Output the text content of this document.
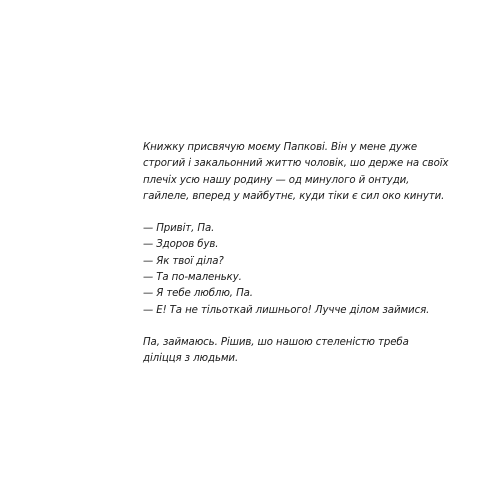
Книжку присвячую моєму Папкові. Він у мене дуже
строгий і закальонний життю чоловік, шо держе на своїх
плечіх усю нашу родину — од минулого й онтуди,
гайлеле, вперед у майбутнє, куди тіки є сил око кинути.
— Привіт, Па.
— Здоров був.
— Як твої діла?
— Та по-маленьку.
— Я тебе люблю, Па.
— Е! Та не тільоткай лишнього! Лучче ділом займися.
Па, займаюсь. Рішив, шо нашою стеленістю треба
діліцця з людьми.
